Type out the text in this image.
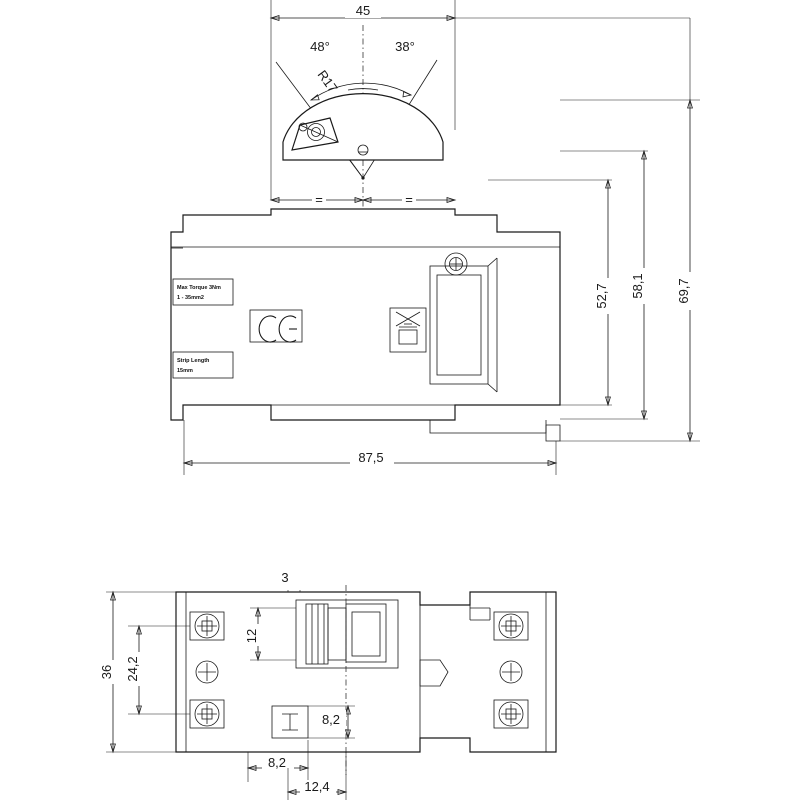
45
48°	38°
R17
=	=
Max Torque 3Nm
1 - 35mm2
Strip Length
15mm
52,7 58,1 69,7
87,5
3
36 24,2
12
8,2
8,2
12,4
